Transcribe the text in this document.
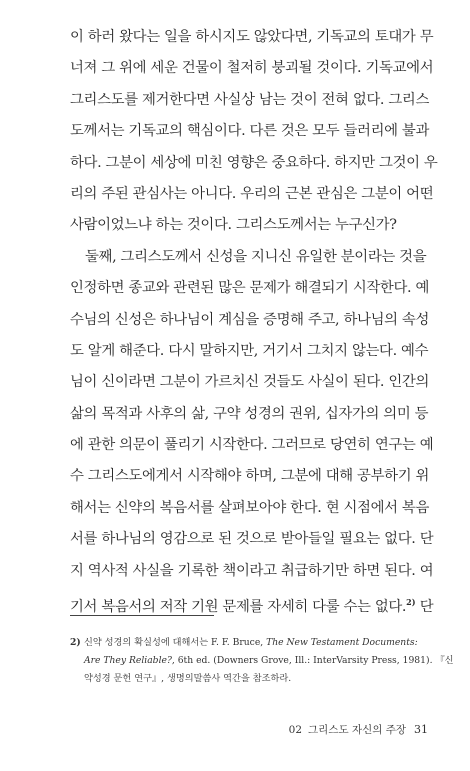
이 하러 왔다는 일을 하시지도 않았다면, 기독교의 토대가 무
너져 그 위에 세운 건물이 철저히 붕괴될 것이다. 기독교에서
그리스도를 제거한다면 사실상 남는 것이 전혀 없다. 그리스
도께서는 기독교의 핵심이다. 다른 것은 모두 들러리에 불과
하다. 그분이 세상에 미친 영향은 중요하다. 하지만 그것이 우
리의 주된 관심사는 아니다. 우리의 근본 관심은 그분이 어떤
사람이었느냐 하는 것이다. 그리스도께서는 누구신가?
둘째, 그리스도께서 신성을 지니신 유일한 분이라는 것을
인정하면 종교와 관련된 많은 문제가 해결되기 시작한다. 예
수님의 신성은 하나님이 계심을 증명해 주고, 하나님의 속성
도 알게 해준다. 다시 말하지만, 거기서 그치지 않는다. 예수
님이 신이라면 그분이 가르치신 것들도 사실이 된다. 인간의
삶의 목적과 사후의 삶, 구약 성경의 권위, 십자가의 의미 등
에 관한 의문이 풀리기 시작한다. 그러므로 당연히 연구는 예
수 그리스도에게서 시작해야 하며, 그분에 대해 공부하기 위
해서는 신약의 복음서를 살펴보아야 한다. 현 시점에서 복음
서를 하나님의 영감으로 된 것으로 받아들일 필요는 없다. 단
지 역사적 사실을 기록한 책이라고 취급하기만 하면 된다. 여
기서 복음서의 저작 기원 문제를 자세히 다룰 수는 없다.$^{2)}$ 단
2) 신약 성경의 확실성에 대해서는 F. F. Bruce, The New Testament Documents:
Are They Reliable?, 6th ed. (Downers Grove, Ill.: InterVarsity Press, 1981). 『신
약성경 문헌 연구』, 생명의말씀사 역간을 참조하라.
02 그리스도 자신의 주장 31
